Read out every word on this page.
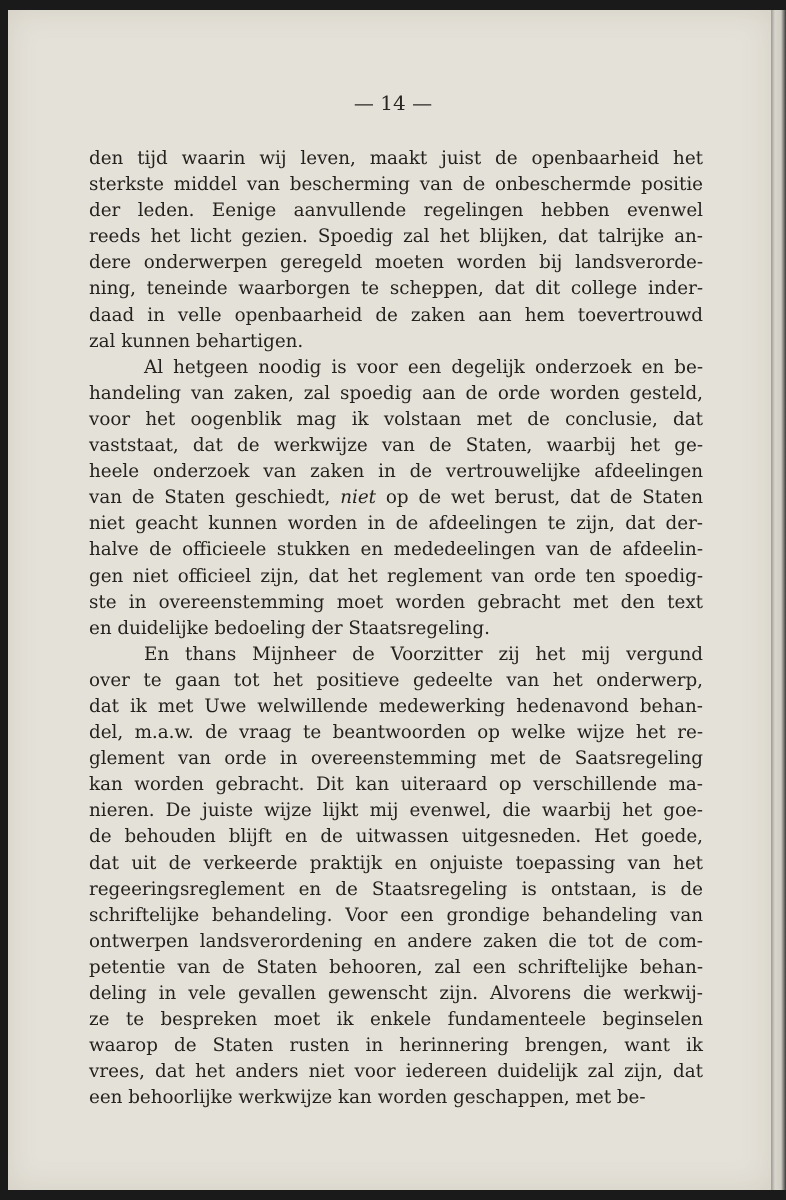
— 14 —
den tijd waarin wij leven, maakt juist de openbaarheid het
sterkste middel van bescherming van de onbeschermde positie
der leden. Eenige aanvullende regelingen hebben evenwel
reeds het licht gezien. Spoedig zal het blijken, dat talrijke an-
dere onderwerpen geregeld moeten worden bij landsverorde-
ning, teneinde waarborgen te scheppen, dat dit college inder-
daad in velle openbaarheid de zaken aan hem toevertrouwd
zal kunnen behartigen.
Al hetgeen noodig is voor een degelijk onderzoek en be-
handeling van zaken, zal spoedig aan de orde worden gesteld,
voor het oogenblik mag ik volstaan met de conclusie, dat
vaststaat, dat de werkwijze van de Staten, waarbij het ge-
heele onderzoek van zaken in de vertrouwelijke afdeelingen
van de Staten geschiedt, niet op de wet berust, dat de Staten
niet geacht kunnen worden in de afdeelingen te zijn, dat der-
halve de officieele stukken en mededeelingen van de afdeelin-
gen niet officieel zijn, dat het reglement van orde ten spoedig-
ste in overeenstemming moet worden gebracht met den text
en duidelijke bedoeling der Staatsregeling.
En thans Mijnheer de Voorzitter zij het mij vergund
over te gaan tot het positieve gedeelte van het onderwerp,
dat ik met Uwe welwillende medewerking hedenavond behan-
del, m.a.w. de vraag te beantwoorden op welke wijze het re-
glement van orde in overeenstemming met de Saatsregeling
kan worden gebracht. Dit kan uiteraard op verschillende ma-
nieren. De juiste wijze lijkt mij evenwel, die waarbij het goe-
de behouden blijft en de uitwassen uitgesneden. Het goede,
dat uit de verkeerde praktijk en onjuiste toepassing van het
regeeringsreglement en de Staatsregeling is ontstaan, is de
schriftelijke behandeling. Voor een grondige behandeling van
ontwerpen landsverordening en andere zaken die tot de com-
petentie van de Staten behooren, zal een schriftelijke behan-
deling in vele gevallen gewenscht zijn. Alvorens die werkwij-
ze te bespreken moet ik enkele fundamenteele beginselen
waarop de Staten rusten in herinnering brengen, want ik
vrees, dat het anders niet voor iedereen duidelijk zal zijn, dat
een behoorlijke werkwijze kan worden geschappen, met be-
